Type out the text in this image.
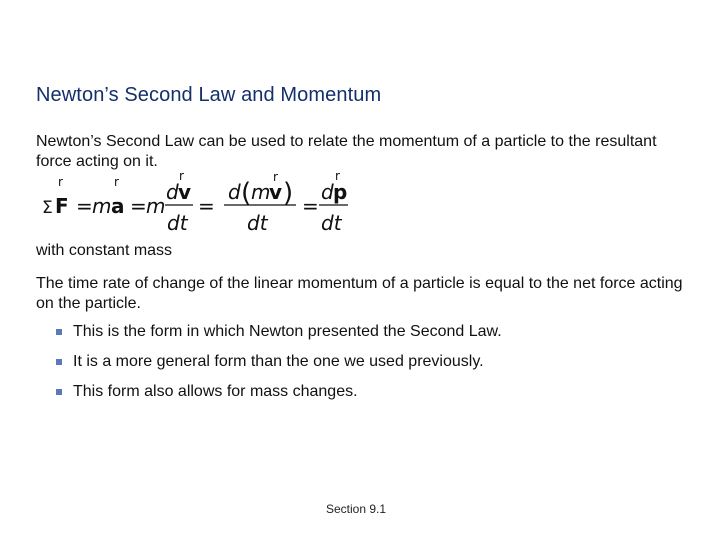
Newton’s Second Law and Momentum

Newton’s Second Law can be used to relate the momentum of a particle to the resultant force acting on it.

Σ
r
F = m
r
a = m
r
d v
dt
=
d ( m
r
v )
dt
=
d
r
p
dt

with constant mass

The time rate of change of the linear momentum of a particle is equal to the net force acting on the particle.

This is the form in which Newton presented the Second Law.
It is a more general form than the one we used previously.
This form also allows for mass changes.
Section 9.1
